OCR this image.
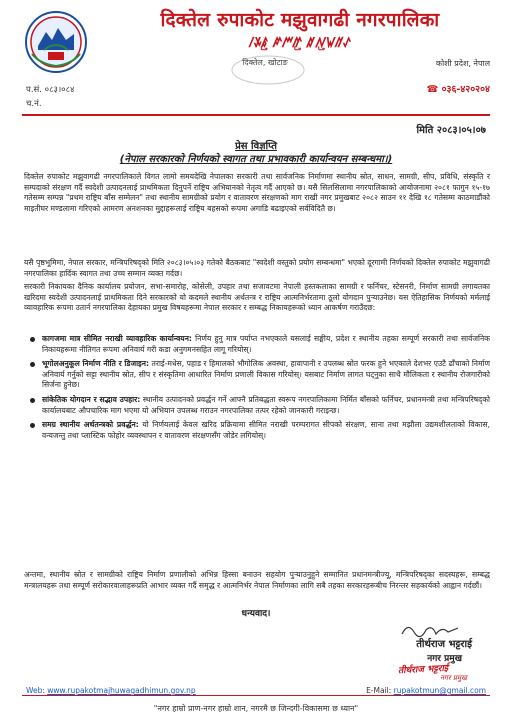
दिक्तेल रुपाकोट मझुवागढी नगरपालिका
ꤷꤸꤹ꤬ ꤺꤻꤼ꤬ ꤽꤾ꤬ꤿꥀꥁ
दिक्तेल, खोटाङ	कोशी प्रदेश, नेपाल
प.सं. ०८३।०८४
च.नं.
☎ ०३६-४२०२०४
मिति २०८३।०५।०७
प्रेस विज्ञप्ति
(नेपाल सरकारको निर्णयको स्वागत तथा प्रभावकारी कार्यान्वयन सम्बन्धमा।)
दिक्तेल रुपाकोट मझुवागढी नगरपालिकाले विगत लामो समयदेखि नेपालका सरकारी तथा सार्वजनिक निर्माणमा स्थानीय स्रोत, साधन, सामग्री, सीप, प्रविधि, संस्कृति र सम्पदाको संरक्षण गर्दै स्वदेशी उत्पादनलाई प्राथमिकता दिनुपर्ने राष्ट्रिय अभियानको नेतृत्व गर्दै आएको छ। यसै सिलसिलामा नगरपालिकाको आयोजनामा २०८१ फागुन १५-१७ गतेसम्म सम्पन्न "प्रथम राष्ट्रिय बाँस सम्मेलन" तथा स्थानीय सामग्रीको प्रयोग र वातावरण संरक्षणको माग राखी नगर प्रमुखबाट २०८२ साउन ११ देखि १८ गतेसम्म काठमाडौंको माइतीघर मण्डलामा गरिएको आमरण अनशनका मुद्दाहरूलाई राष्ट्रिय बहसको रूपमा अगाडि बढाइएको सर्वविदितै छ।
यसै पृष्ठभूमिमा, नेपाल सरकार, मन्त्रिपरिषद्को मिति २०८३।०५।०३ गतेको बैठकबाट "स्वदेशी वस्तुको प्रयोग सम्बन्धमा" भएको दूरगामी निर्णयको दिक्तेल रुपाकोट मझुवागढी नगरपालिका हार्दिक स्वागत तथा उच्च सम्मान व्यक्त गर्दछ।
सरकारी निकायका दैनिक कार्यालय प्रयोजन, सभा-समारोह, कोसेली, उपहार तथा सजावटमा नेपाली हस्तकलाका सामग्री र फर्निचर, स्टेसनरी, निर्माण सामग्री लगायतका खरिदमा स्वदेशी उत्पादनलाई प्राथमिकता दिने सरकारको यो कदमले स्थानीय अर्थतन्त्र र राष्ट्रिय आत्मनिर्भरतामा ठूलो योगदान पुऱ्याउनेछ। यस ऐतिहासिक निर्णयको मर्मलाई व्यावहारिक रूपमा उतार्न नगरपालिका देहायका प्रमुख विषयहरूमा नेपाल सरकार र सम्बद्ध निकायहरूको ध्यान आकर्षण गराउँदछ:
कागजमा मात्र सीमित नराखी व्यावहारिक कार्यान्वयन: निर्णय हुनु मात्र पर्याप्त नभएकाले यसलाई सङ्घीय, प्रदेश र स्थानीय तहका सम्पूर्ण सरकारी तथा सार्वजनिक निकायहरूमा नीतिगत रूपमा अनिवार्य गरी कडा अनुगमनसहित लागू गरियोस्।
भूगोलअनुकूल निर्माण नीति र डिजाइन: तराई-मधेस, पहाड र हिमालको भौगोलिक अवस्था, हावापानी र उपलब्ध स्रोत फरक हुने भएकाले देशभर एउटै ढाँचाको निर्माण अनिवार्य गर्नुको सट्टा स्थानीय स्रोत, सीप र संस्कृतिमा आधारित निर्माण प्रणाली विकास गरियोस्। यसबाट निर्माण लागत घट्नुका साथै मौलिकता र स्थानीय रोजगारीको सिर्जना हुनेछ।
सांकेतिक योगदान र सद्भाव उपहार: स्थानीय उत्पादनको प्रवर्द्धन गर्ने आफ्नै प्रतिबद्धता स्वरूप नगरपालिकामा निर्मित बाँसको फर्निचर, प्रधानमन्त्री तथा मन्त्रिपरिषद्को कार्यालयबाट औपचारिक माग भएमा यो अभियान उपलब्ध गराउन नगरपालिका तत्पर रहेको जानकारी गराइन्छ।
समग्र स्थानीय अर्थतन्त्रको प्रवर्द्धन: यो निर्णयलाई केवल खरिद प्रक्रियामा सीमित नराखी परम्परागत सीपको संरक्षण, साना तथा मझौला उद्यमशीलताको विकास, वन्यजन्तु तथा प्लास्टिक फोहोर व्यवस्थापन र वातावरण संरक्षणसँग जोडेर लगियोस्।
अन्तमा, स्थानीय स्रोत र सामग्रीको राष्ट्रिय निर्माण प्रणालीको अभिन्न हिस्सा बनाउन सहयोग पुऱ्याउनुहुने सम्मानित प्रधानमन्त्रीज्यू, मन्त्रिपरिषद्का सदस्यहरू, सम्बद्ध मन्त्रालयहरू तथा सम्पूर्ण सरोकारवालाहरूप्रति आभार व्यक्त गर्दै समृद्ध र आत्मनिर्भर नेपाल निर्माणका लागि सबै तहका सरकारहरूबीच निरन्तर सहकार्यको आह्वान गर्दछौं।
धन्यवाद।
तीर्थराज भट्टराई
नगर प्रमुख
तीर्थराज भट्टराई
नगर प्रमुख
Web: www.rupakotmajhuwagadhimun.gov.np	E-Mail: rupakotmun@gmail.com
"नगर हाम्रो प्राण-नगर हाम्रो शान, नगरमै छ जिन्दगी-विकासमा छ ध्यान"
